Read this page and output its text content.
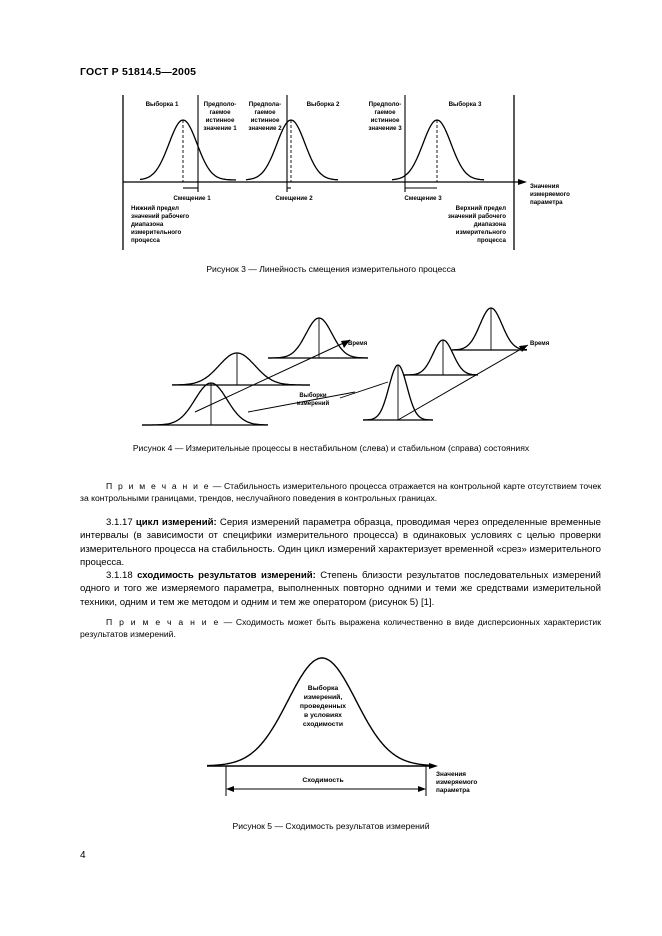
ГОСТ Р 51814.5—2005
Выборка 1	Выборка 2	Выборка 3
Предполо-
гаемое
истинное
значение 1
Предпола-
гаемое
истинное
значение 2
Предполо-
гаемое
истинное
значение 3
Смещение 1	Смещение 2	Смещение 3
Нижний предел
значений рабочего
диапазона
измерительного
процесса
Значения
измеряемого
параметра
Верхний предел
значений рабочего
диапазона
измерительного
процесса
Рисунок 3 — Линейность смещения измерительного процесса
Время	Время
Выборки
измерений
Рисунок 4 — Измерительные процессы в нестабильном (слева) и стабильном (справа) состояниях
П р и м е ч а н и е — Стабильность измерительного процесса отражается на контрольной карте отсутствием точек за контрольными границами, трендов, неслучайного поведения в контрольных границах.
3.1.17 цикл измерений: Серия измерений параметра образца, проводимая через определенные временные интервалы (в зависимости от специфики измерительного процесса) в одинаковых условиях с целью проверки измерительного процесса на стабильность. Один цикл измерений характеризует временной «срез» измерительного процесса.
3.1.18 сходимость результатов измерений: Степень близости результатов последовательных измерений одного и того же измеряемого параметра, выполненных повторно одними и теми же средствами измерительной техники, одним и тем же методом и одним и тем же оператором (рисунок 5) [1].
П р и м е ч а н и е — Сходимость может быть выражена количественно в виде дисперсионных характеристик результатов измерений.
Выборка
измерений,
проведенных
в условиях
сходимости
Сходимость
Значения
измеряемого
параметра
Рисунок 5 — Сходимость результатов измерений
4
